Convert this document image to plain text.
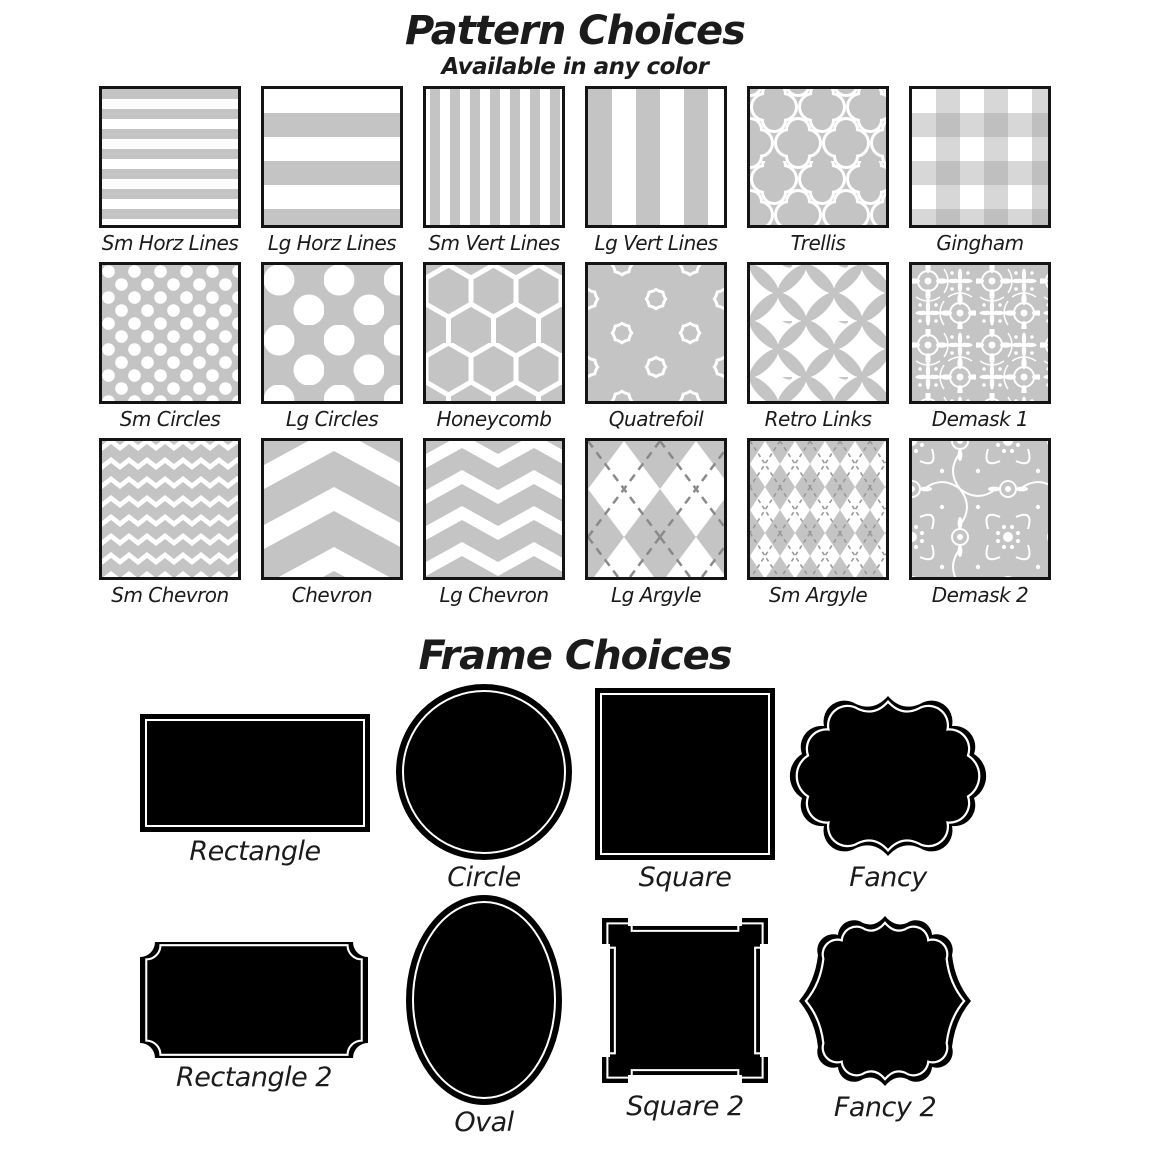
Pattern Choices
Available in any color
Sm Horz Lines Lg Horz Lines Sm Vert Lines Lg Vert Lines	Trellis	Gingham
Sm Circles	Lg Circles	Honeycomb	Quatrefoil	Retro Links	Demask 1
Sm Chevron	Chevron	Lg Chevron	Lg Argyle	Sm Argyle	Demask 2
Frame Choices
Rectangle
Circle	Square	Fancy
Rectangle 2
Oval
Square 2	Fancy 2
